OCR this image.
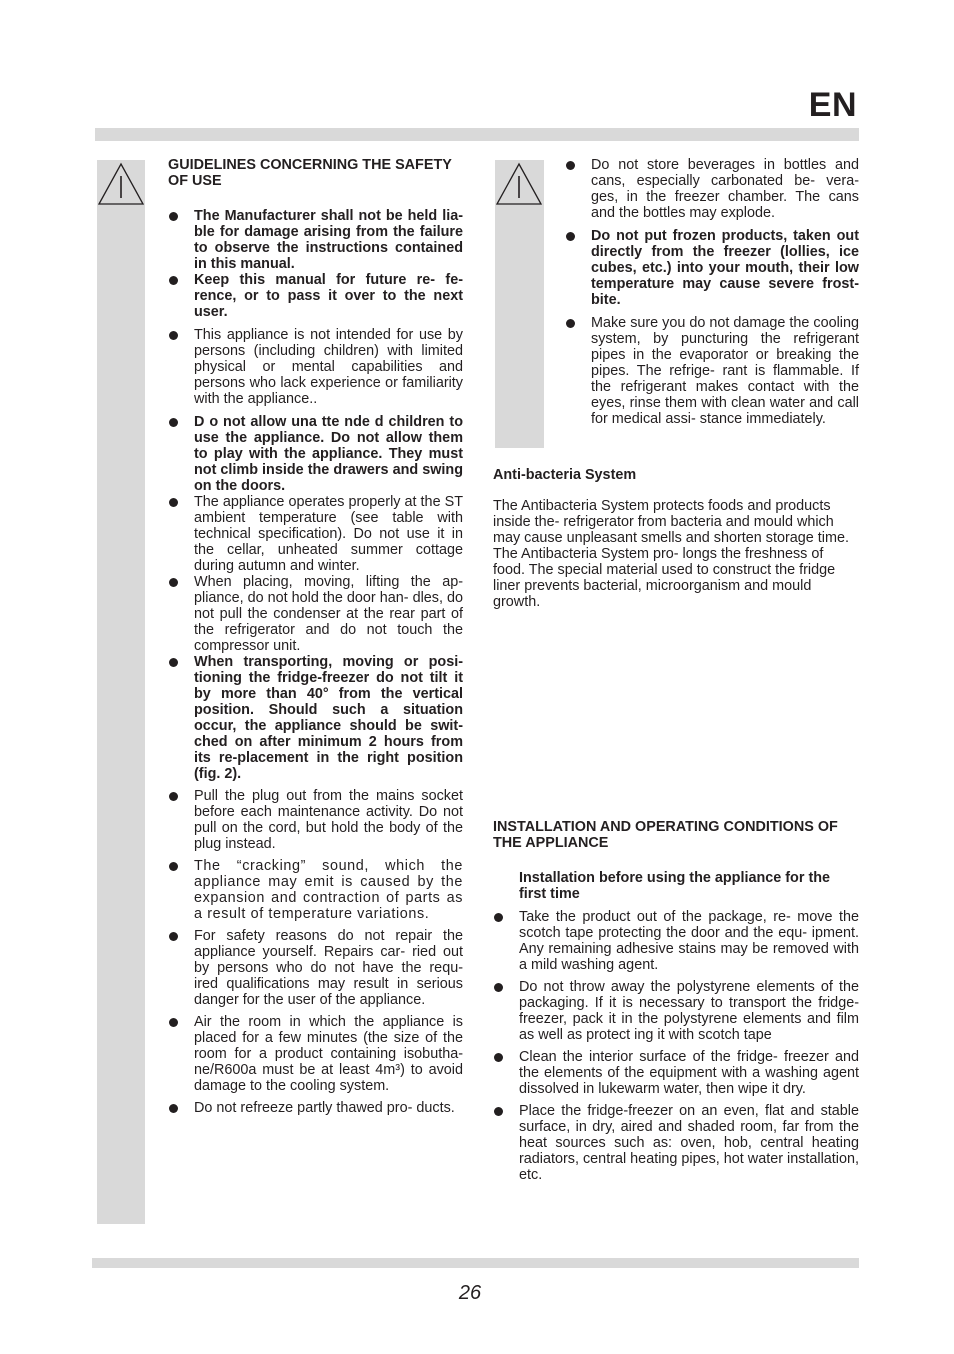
EN

GUIDELINES CONCERNING THE SAFETY OF USE

The Manufacturer shall not be held lia- ble for damage arising from the failure to observe the instructions contained in this manual.
Keep this manual for future re- fe- rence, or to pass it over to the next user.
This appliance is not intended for use by persons (including children) with limited physical or mental capabilities and persons who lack experience or familiarity with the appliance..
D o not allow una tte nde d children to use the appliance. Do not allow them to play with the appliance. They must not climb inside the drawers and swing on the doors.
The appliance operates properly at the ST ambient temperature (see table with technical specification). Do not use it in the cellar, unheated summer cottage during autumn and winter.
When placing, moving, lifting the ap- pliance, do not hold the door han- dles, do not pull the condenser at the rear part of the refrigerator and do not touch the compressor unit.
When transporting, moving or posi- tioning the fridge-freezer do not tilt it by more than 40° from the vertical position. Should such a situation occur, the appliance should be swit- ched on after minimum 2 hours from its re-placement in the right position (fig. 2).
Pull the plug out from the mains socket before each maintenance activity. Do not pull on the cord, but hold the body of the plug instead.
The “cracking” sound, which the appliance may emit is caused by the expansion and contraction of parts as a result of temperature variations.
For safety reasons do not repair the appliance yourself. Repairs car- ried out by persons who do not have the requ- ired qualifications may result in serious danger for the user of the appliance.
Air the room in which the appliance is placed for a few minutes (the size of the room for a product containing isobutha- ne/R600a must be at least 4m³) to avoid damage to the cooling system.
Do not refreeze partly thawed pro- ducts.
Do not store beverages in bottles and cans, especially carbonated be- vera- ges, in the freezer chamber. The cans and the bottles may explode.
Do not put frozen products, taken out directly from the freezer (lollies, ice cubes, etc.) into your mouth, their low temperature may cause severe frost-bite.
Make sure you do not damage the cooling system, by puncturing the refrigerant pipes in the evaporator or breaking the pipes. The refrige- rant is flammable. If the refrigerant makes contact with the eyes, rinse them with clean water and call for medical assi- stance immediately.

Anti-bacteria System

The Antibacteria System protects foods and products inside the- refrigerator from bacteria and mould which may cause unpleasant smells and shorten storage time. The Antibacteria System pro- longs the freshness of food. The special material used to construct the fridge liner prevents bacterial, microorganism and mould growth.

INSTALLATION AND OPERATING CONDITIONS OF THE APPLIANCE

Installation before using the appliance for the first time

Take the product out of the package, re- move the scotch tape protecting the door and the equ- ipment. Any remaining adhesive stains may be removed with a mild washing agent.
Do not throw away the polystyrene elements of the packaging. If it is necessary to transport the fridge-freezer, pack it in the polystyrene elements and film as well as protect ing it with scotch tape
Clean the interior surface of the fridge- freezer and the elements of the equipment with a washing agent dissolved in lukewarm water, then wipe it dry.
Place the fridge-freezer on an even, flat and stable surface, in dry, aired and shaded room, far from the heat sources such as: oven, hob, central heating radiators, central heating pipes, hot water installation, etc.
26
